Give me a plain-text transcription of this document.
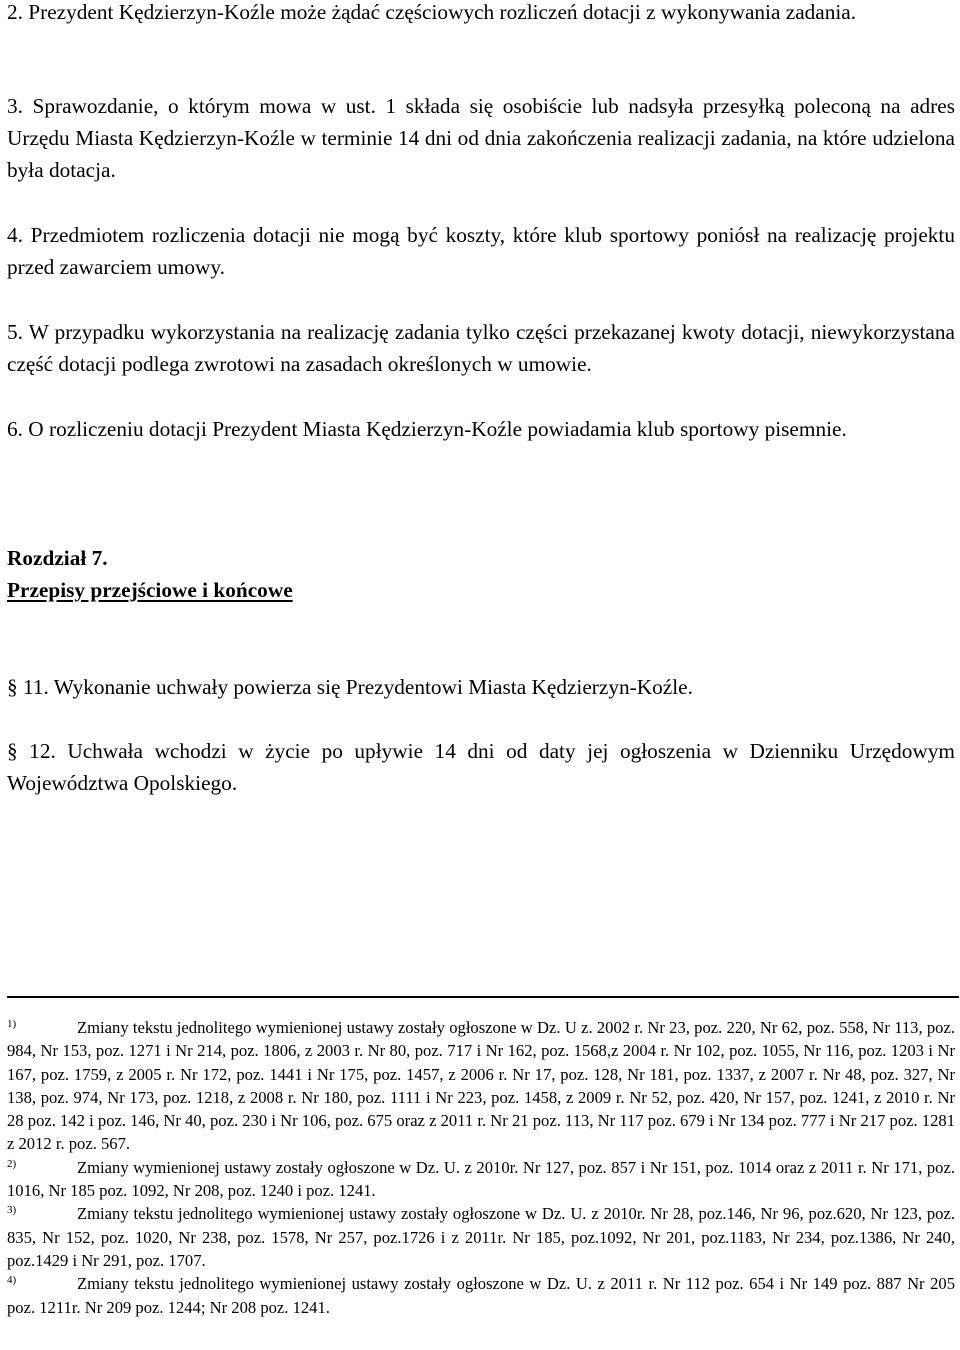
2. Prezydent Kędzierzyn-Koźle może żądać częściowych rozliczeń dotacji z wykonywania zadania.

3. Sprawozdanie, o którym mowa w ust. 1 składa się osobiście lub nadsyła przesyłką poleconą na adres Urzędu Miasta Kędzierzyn-Koźle w terminie 14 dni od dnia zakończenia realizacji zadania, na które udzielona była dotacja.

4. Przedmiotem rozliczenia dotacji nie mogą być koszty, które klub sportowy poniósł na realizację projektu przed zawarciem umowy.

5. W przypadku wykorzystania na realizację zadania tylko części przekazanej kwoty dotacji, niewykorzystana część dotacji podlega zwrotowi na zasadach określonych w umowie.

6. O rozliczeniu dotacji Prezydent Miasta Kędzierzyn-Koźle powiadamia klub sportowy pisemnie.

Rozdział 7.

Przepisy przejściowe i końcowe

§ 11. Wykonanie uchwały powierza się Prezydentowi Miasta Kędzierzyn-Koźle.

§ 12. Uchwała wchodzi w życie po upływie 14 dni od daty jej ogłoszenia w Dzienniku Urzędowym Województwa Opolskiego.

1)	Zmiany tekstu jednolitego wymienionej ustawy zostały ogłoszone w Dz. U z. 2002 r. Nr 23, poz. 220, Nr 62, poz. 558, Nr 113, poz. 984, Nr 153, poz. 1271 i Nr 214, poz. 1806, z 2003 r. Nr 80, poz. 717 i Nr 162, poz. 1568,z 2004 r. Nr 102, poz. 1055, Nr 116, poz. 1203 i Nr 167, poz. 1759, z 2005 r. Nr 172, poz. 1441 i Nr 175, poz. 1457, z 2006 r. Nr 17, poz. 128, Nr 181, poz. 1337, z 2007 r. Nr 48, poz. 327, Nr 138, poz. 974, Nr 173, poz. 1218, z 2008 r. Nr 180, poz. 1111 i Nr 223, poz. 1458, z 2009 r. Nr 52, poz. 420, Nr 157, poz. 1241, z 2010 r. Nr 28 poz. 142 i poz. 146, Nr 40, poz. 230 i Nr 106, poz. 675 oraz z 2011 r. Nr 21 poz. 113, Nr 117 poz. 679 i Nr 134 poz. 777 i Nr 217 poz. 1281 z 2012 r. poz. 567.

2)	Zmiany wymienionej ustawy zostały ogłoszone w Dz. U. z 2010r. Nr 127, poz. 857 i Nr 151, poz. 1014 oraz z 2011 r. Nr 171, poz. 1016, Nr 185 poz. 1092, Nr 208, poz. 1240 i poz. 1241.

3)	Zmiany tekstu jednolitego wymienionej ustawy zostały ogłoszone w Dz. U. z 2010r. Nr 28, poz.146, Nr 96, poz.620, Nr 123, poz. 835, Nr 152, poz. 1020, Nr 238, poz. 1578, Nr 257, poz.1726 i z 2011r. Nr 185, poz.1092, Nr 201, poz.1183, Nr 234, poz.1386, Nr 240, poz.1429 i Nr 291, poz. 1707.

4)	Zmiany tekstu jednolitego wymienionej ustawy zostały ogłoszone w Dz. U. z 2011 r. Nr 112 poz. 654 i Nr 149 poz. 887 Nr 205 poz. 1211r. Nr 209 poz. 1244; Nr 208 poz. 1241.
